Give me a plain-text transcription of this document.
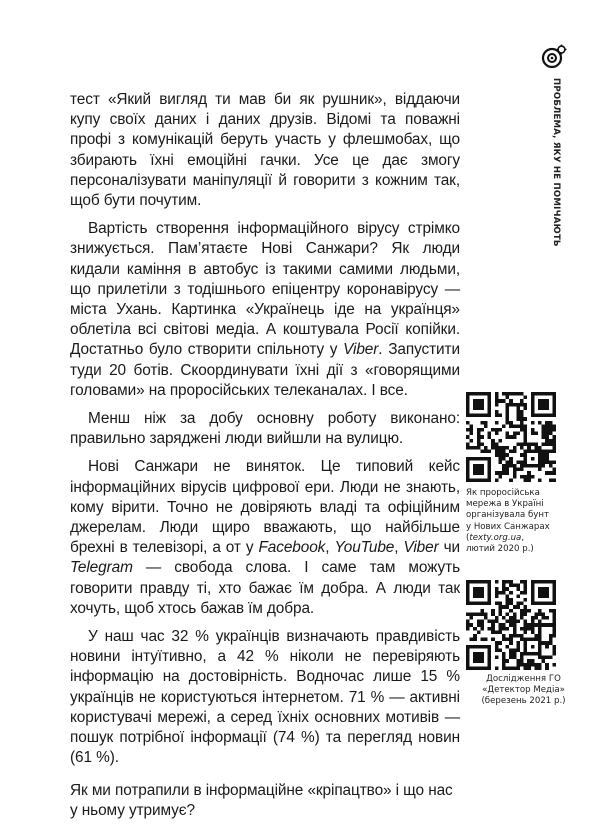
ПРОБЛЕМА, ЯКУ НЕ ПОМІЧАЮТЬ

тест «Який вигляд ти мав би як рушник», віддаючи купу своїх даних і даних друзів. Відомі та поважні профі з комунікацій беруть участь у флешмобах, що збирають їхні емоційні гачки. Усе це дає змогу персоналізувати маніпуляції й говорити з кожним так, щоб бути почутим.

Вартість створення інформаційного вірусу стрімко знижується. Пам’ятаєте Нові Санжари? Як люди кидали каміння в автобус із такими самими людьми, що прилетіли з тодішнього епіцентру коронавірусу — міста Ухань. Картинка «Українець іде на українця» облетіла всі світові медіа. А коштувала Росії копійки. Достатньо було створити спільноту у Viber. Запустити туди 20 ботів. Скоординувати їхні дії з «говорящими головами» на проросійських телеканалах. І все.

Менш ніж за добу основну роботу виконано: правильно заряджені люди вийшли на вулицю.

Нові Санжари не виняток. Це типовий кейс інформаційних вірусів цифрової ери. Люди не знають, кому вірити. Точно не довіряють владі та офіційним джерелам. Люди щиро вважають, що найбільше брехні в телевізорі, а от у Facebook, YouTube, Viber чи Telegram — свобода слова. І саме там можуть говорити правду ті, хто бажає їм добра. А люди так хочуть, щоб хтось бажав їм добра.

У наш час 32 % українців визначають правдивість новини інтуїтивно, а 42 % ніколи не перевіряють інформацію на достовірність. Водночас лише 15 % українців не користуються інтернетом. 71 % — активні користувачі мережі, а серед їхніх основних мотивів — пошук потрібної інформації (74 %) та перегляд новин (61 %).

Як ми потрапили в інформаційне «кріпацтво» і що нас у ньому утримує?

Як проросійська
мережа в Україні
організувала бунт
у Нових Санжарах
(texty.org.ua,
лютий 2020 р.)
Дослідження ГО
«Детектор Медіа»
(березень 2021 р.)
